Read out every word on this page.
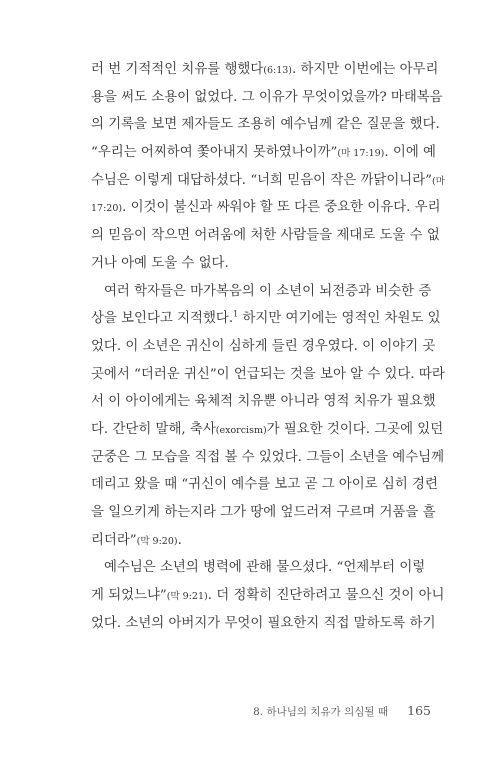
러 번 기적적인 치유를 행했다(6:13). 하지만 이번에는 아무리
용을 써도 소용이 없었다. 그 이유가 무엇이었을까? 마태복음
의 기록을 보면 제자들도 조용히 예수님께 같은 질문을 했다.
“우리는 어찌하여 쫓아내지 못하였나이까”(마 17:19). 이에 예
수님은 이렇게 대답하셨다. “너희 믿음이 작은 까닭이니라”(마
17:20). 이것이 불신과 싸워야 할 또 다른 중요한 이유다. 우리
의 믿음이 작으면 어려움에 처한 사람들을 제대로 도울 수 없
거나 아예 도울 수 없다.
여러 학자들은 마가복음의 이 소년이 뇌전증과 비슷한 증
상을 보인다고 지적했다.$^1$ 하지만 여기에는 영적인 차원도 있
었다. 이 소년은 귀신이 심하게 들린 경우였다. 이 이야기 곳
곳에서 “더러운 귀신”이 언급되는 것을 보아 알 수 있다. 따라
서 이 아이에게는 육체적 치유뿐 아니라 영적 치유가 필요했
다. 간단히 말해, 축사(exorcism)가 필요한 것이다. 그곳에 있던
군중은 그 모습을 직접 볼 수 있었다. 그들이 소년을 예수님께
데리고 왔을 때 “귀신이 예수를 보고 곧 그 아이로 심히 경련
을 일으키게 하는지라 그가 땅에 엎드러져 구르며 거품을 흘
리더라”(막 9:20).
예수님은 소년의 병력에 관해 물으셨다. “언제부터 이렇
게 되었느냐”(막 9:21). 더 정확히 진단하려고 물으신 것이 아니
었다. 소년의 아버지가 무엇이 필요한지 직접 말하도록 하기
8. 하나님의 치유가 의심될 때 165
